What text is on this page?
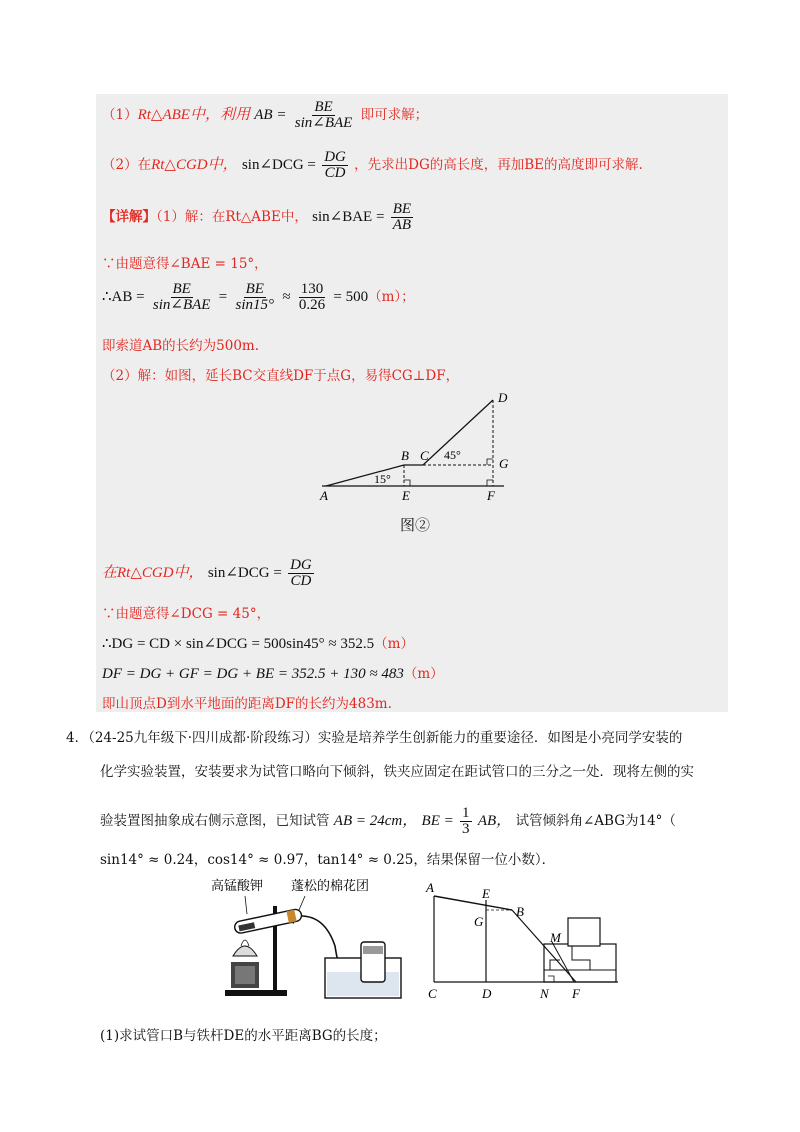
（1）Rt△ABE中，利用 AB = $\frac{BE}{\text{sin∠BAE}}$ 即可求解；
（2）在Rt△CGD中， sin∠DCG = $\frac{DG}{CD}$ ，先求出DG的高长度，再加BE的高度即可求解.
【详解】（1）解：在Rt△ABE中， sin∠BAE = $\frac{BE}{AB}$
∵由题意得∠BAE = 15°，
∴AB = $\frac{BE}{\text{sin∠BAE}} = \frac{BE}{\sin 15^\circ} \approx \frac{130}{0.26} = 500(m)$；
即索道AB的长约为500m.
（2）解：如图，延长BC交直线DF于点G，易得CG⊥DF，
A
B C
D
E	F
G
15°
45°
图②
在Rt△CGD中， sin∠DCG = $\frac{DG}{CD}$
∵由题意得∠DCG = 45°，
∴DG = CD × sin∠DCG = 500sin45° ≈ 352.5（m）
DF = DG + GF = DG + BE = 352.5 + 130 ≈ 483（m）
即山顶点D到水平地面的距离DF的长约为483m.
4．（24-25九年级下·四川成都·阶段练习）实验是培养学生创新能力的重要途径．如图是小亮同学安装的
化学实验装置，安装要求为试管口略向下倾斜，铁夹应固定在距试管口的三分之一处．现将左侧的实
验装置图抽象成右侧示意图，已知试管 AB = 24cm， BE = $\frac{1}{3}$ AB， 试管倾斜角∠ABG为14°（
sin14° ≈ 0.24，cos14° ≈ 0.97，tan14° ≈ 0.25，结果保留一位小数）．
高锰酸钾 蓬松的棉花团	A	E
B
G
M
C	D	N F
(1)求试管口B与铁杆DE的水平距离BG的长度；
